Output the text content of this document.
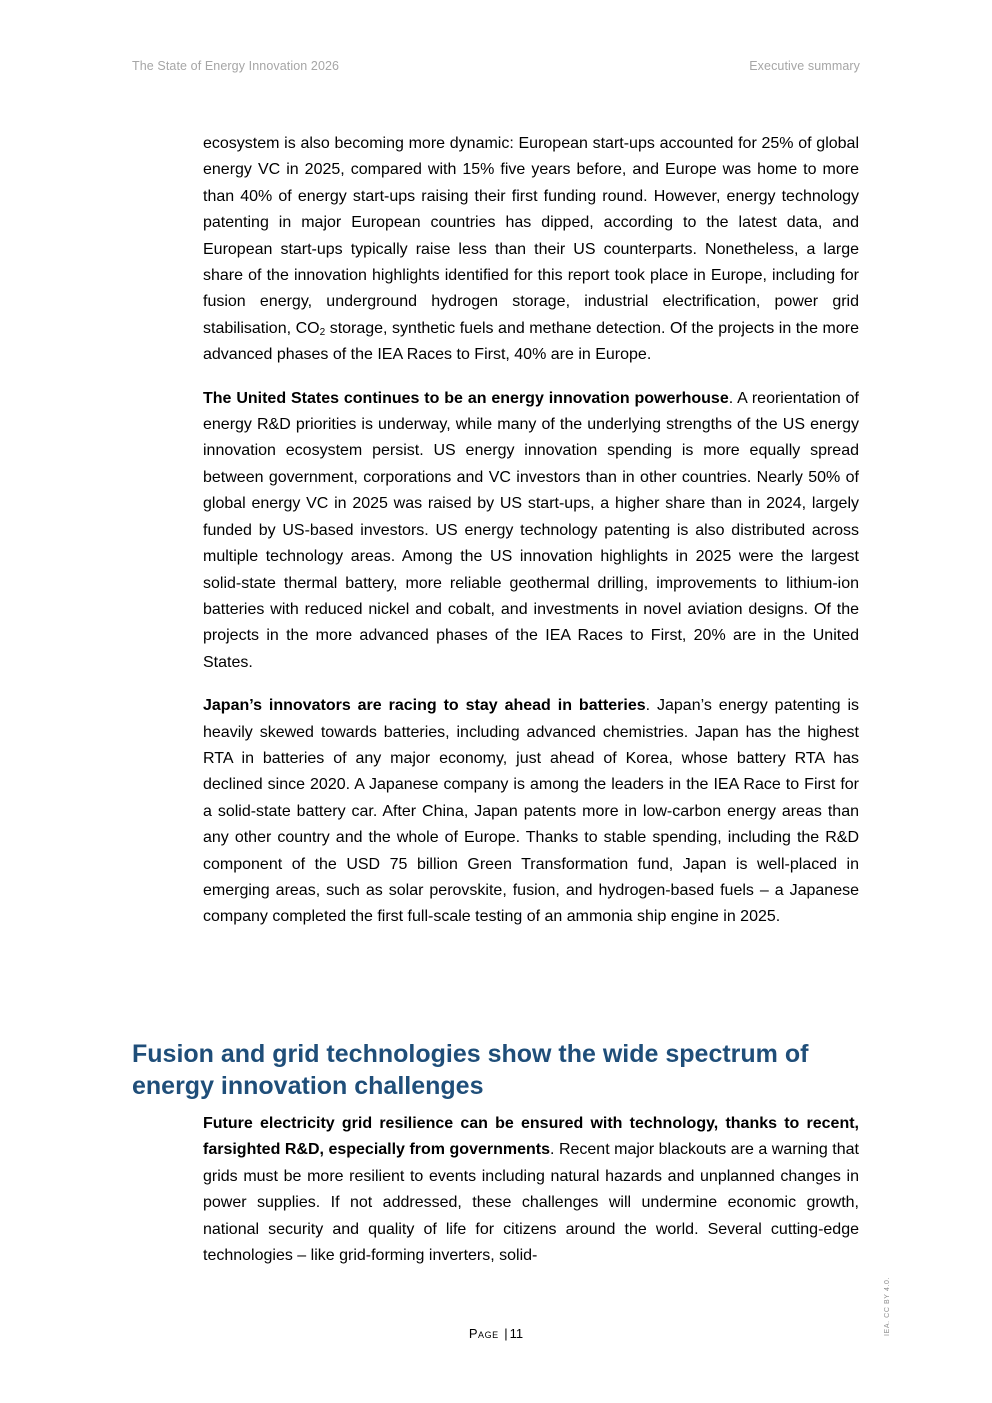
The State of Energy Innovation 2026	Executive summary

ecosystem is also becoming more dynamic: European start-ups accounted for 25% of global energy VC in 2025, compared with 15% five years before, and Europe was home to more than 40% of energy start-ups raising their first funding round. However, energy technology patenting in major European countries has dipped, according to the latest data, and European start-ups typically raise less than their US counterparts. Nonetheless, a large share of the innovation highlights identified for this report took place in Europe, including for fusion energy, underground hydrogen storage, industrial electrification, power grid stabilisation, $CO_2$ storage, synthetic fuels and methane detection. Of the projects in the more advanced phases of the IEA Races to First, 40% are in Europe.

The United States continues to be an energy innovation powerhouse. A reorientation of energy R&D priorities is underway, while many of the underlying strengths of the US energy innovation ecosystem persist. US energy innovation spending is more equally spread between government, corporations and VC investors than in other countries. Nearly 50% of global energy VC in 2025 was raised by US start-ups, a higher share than in 2024, largely funded by US-based investors. US energy technology patenting is also distributed across multiple technology areas. Among the US innovation highlights in 2025 were the largest solid-state thermal battery, more reliable geothermal drilling, improvements to lithium-ion batteries with reduced nickel and cobalt, and investments in novel aviation designs. Of the projects in the more advanced phases of the IEA Races to First, 20% are in the United States.

Japan’s innovators are racing to stay ahead in batteries. Japan’s energy patenting is heavily skewed towards batteries, including advanced chemistries. Japan has the highest RTA in batteries of any major economy, just ahead of Korea, whose battery RTA has declined since 2020. A Japanese company is among the leaders in the IEA Race to First for a solid-state battery car. After China, Japan patents more in low-carbon energy areas than any other country and the whole of Europe. Thanks to stable spending, including the R&D component of the USD 75 billion Green Transformation fund, Japan is well-placed in emerging areas, such as solar perovskite, fusion, and hydrogen-based fuels – a Japanese company completed the first full-scale testing of an ammonia ship engine in 2025.

Fusion and grid technologies show the wide spectrum of energy innovation challenges

Future electricity grid resilience can be ensured with technology, thanks to recent, farsighted R&D, especially from governments. Recent major blackouts are a warning that grids must be more resilient to events including natural hazards and unplanned changes in power supplies. If not addressed, these challenges will undermine economic growth, national security and quality of life for citizens around the world. Several cutting-edge technologies – like grid-forming inverters, solid-

Page | 11	IEA. CC BY 4.0.
